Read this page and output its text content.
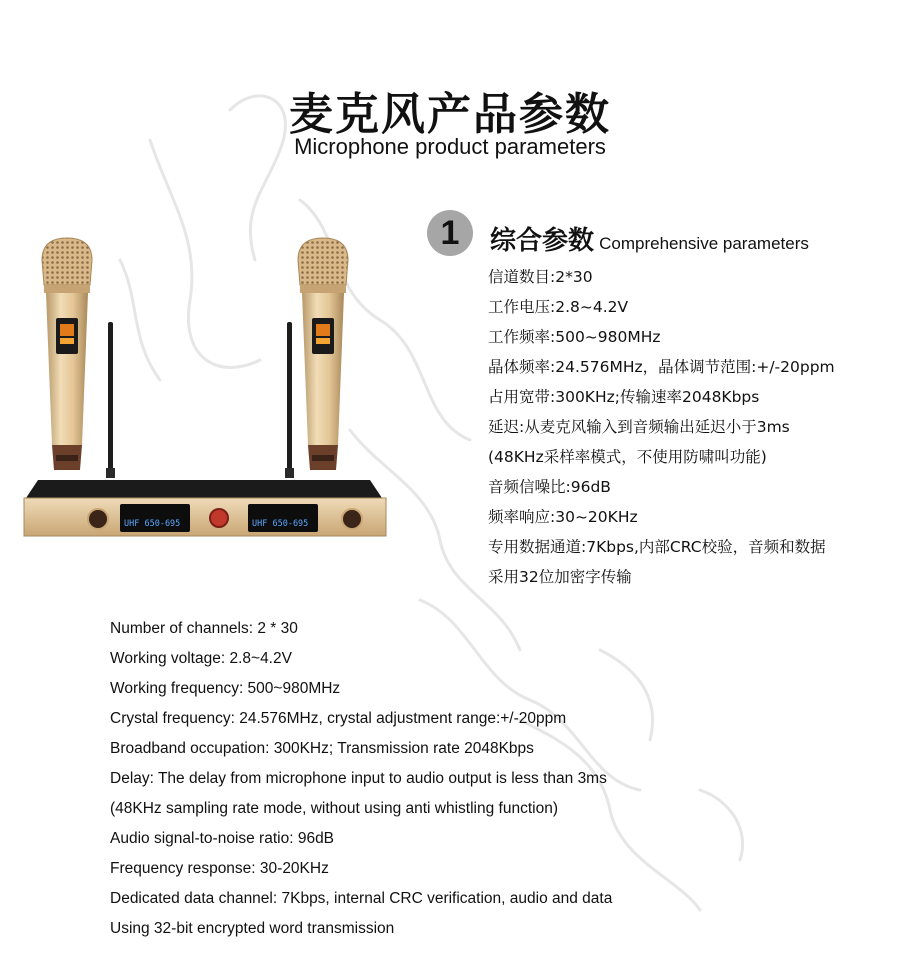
麦克风产品参数
Microphone product parameters
UHF 650-695	UHF 650-695
1	综合参数 Comprehensive parameters
信道数目:2*30
工作电压:2.8~4.2V
工作频率:500~980MHz
晶体频率:24.576MHz，晶体调节范围:+/-20ppm
占用宽带:300KHz;传输速率2048Kbps
延迟:从麦克风输入到音频输出延迟小于3ms
(48KHz采样率模式，不使用防啸叫功能)
音频信噪比:96dB
频率响应:30~20KHz
专用数据通道:7Kbps,内部CRC校验，音频和数据
采用32位加密字传输
Number of channels: 2 * 30
Working voltage: 2.8~4.2V
Working frequency: 500~980MHz
Crystal frequency: 24.576MHz, crystal adjustment range:+/-20ppm
Broadband occupation: 300KHz; Transmission rate 2048Kbps
Delay: The delay from microphone input to audio output is less than 3ms
(48KHz sampling rate mode, without using anti whistling function)
Audio signal-to-noise ratio: 96dB
Frequency response: 30-20KHz
Dedicated data channel: 7Kbps, internal CRC verification, audio and data
Using 32-bit encrypted word transmission
